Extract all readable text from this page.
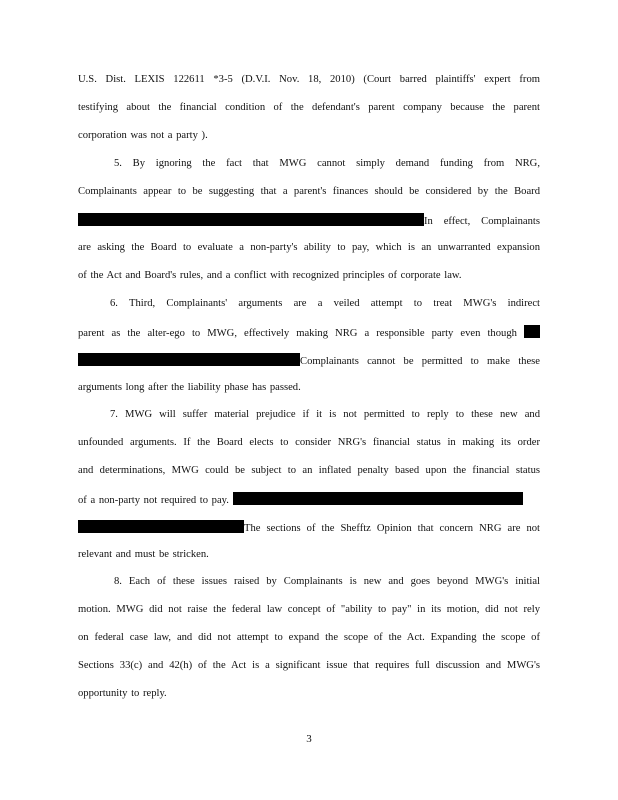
U.S. Dist. LEXIS 122611 *3-5 (D.V.I. Nov. 18, 2010) (Court barred plaintiffs' expert from
testifying about the financial condition of the defendant's parent company because the parent
corporation was not a party ).
5. By ignoring the fact that MWG cannot simply demand funding from NRG,
Complainants appear to be suggesting that a parent's finances should be considered by the Board
In effect, Complainants
are asking the Board to evaluate a non-party's ability to pay, which is an unwarranted expansion
of the Act and Board's rules, and a conflict with recognized principles of corporate law.
6. Third, Complainants' arguments are a veiled attempt to treat MWG's indirect
parent as the alter-ego to MWG, effectively making NRG a responsible party even though
Complainants cannot be permitted to make these
arguments long after the liability phase has passed.
7. MWG will suffer material prejudice if it is not permitted to reply to these new and
unfounded arguments. If the Board elects to consider NRG's financial status in making its order
and determinations, MWG could be subject to an inflated penalty based upon the financial status
of a non-party not required to pay.
The sections of the Shefftz Opinion that concern NRG are not
relevant and must be stricken.
8. Each of these issues raised by Complainants is new and goes beyond MWG's initial
motion. MWG did not raise the federal law concept of "ability to pay" in its motion, did not rely
on federal case law, and did not attempt to expand the scope of the Act. Expanding the scope of
Sections 33(c) and 42(h) of the Act is a significant issue that requires full discussion and MWG's
opportunity to reply.
3
